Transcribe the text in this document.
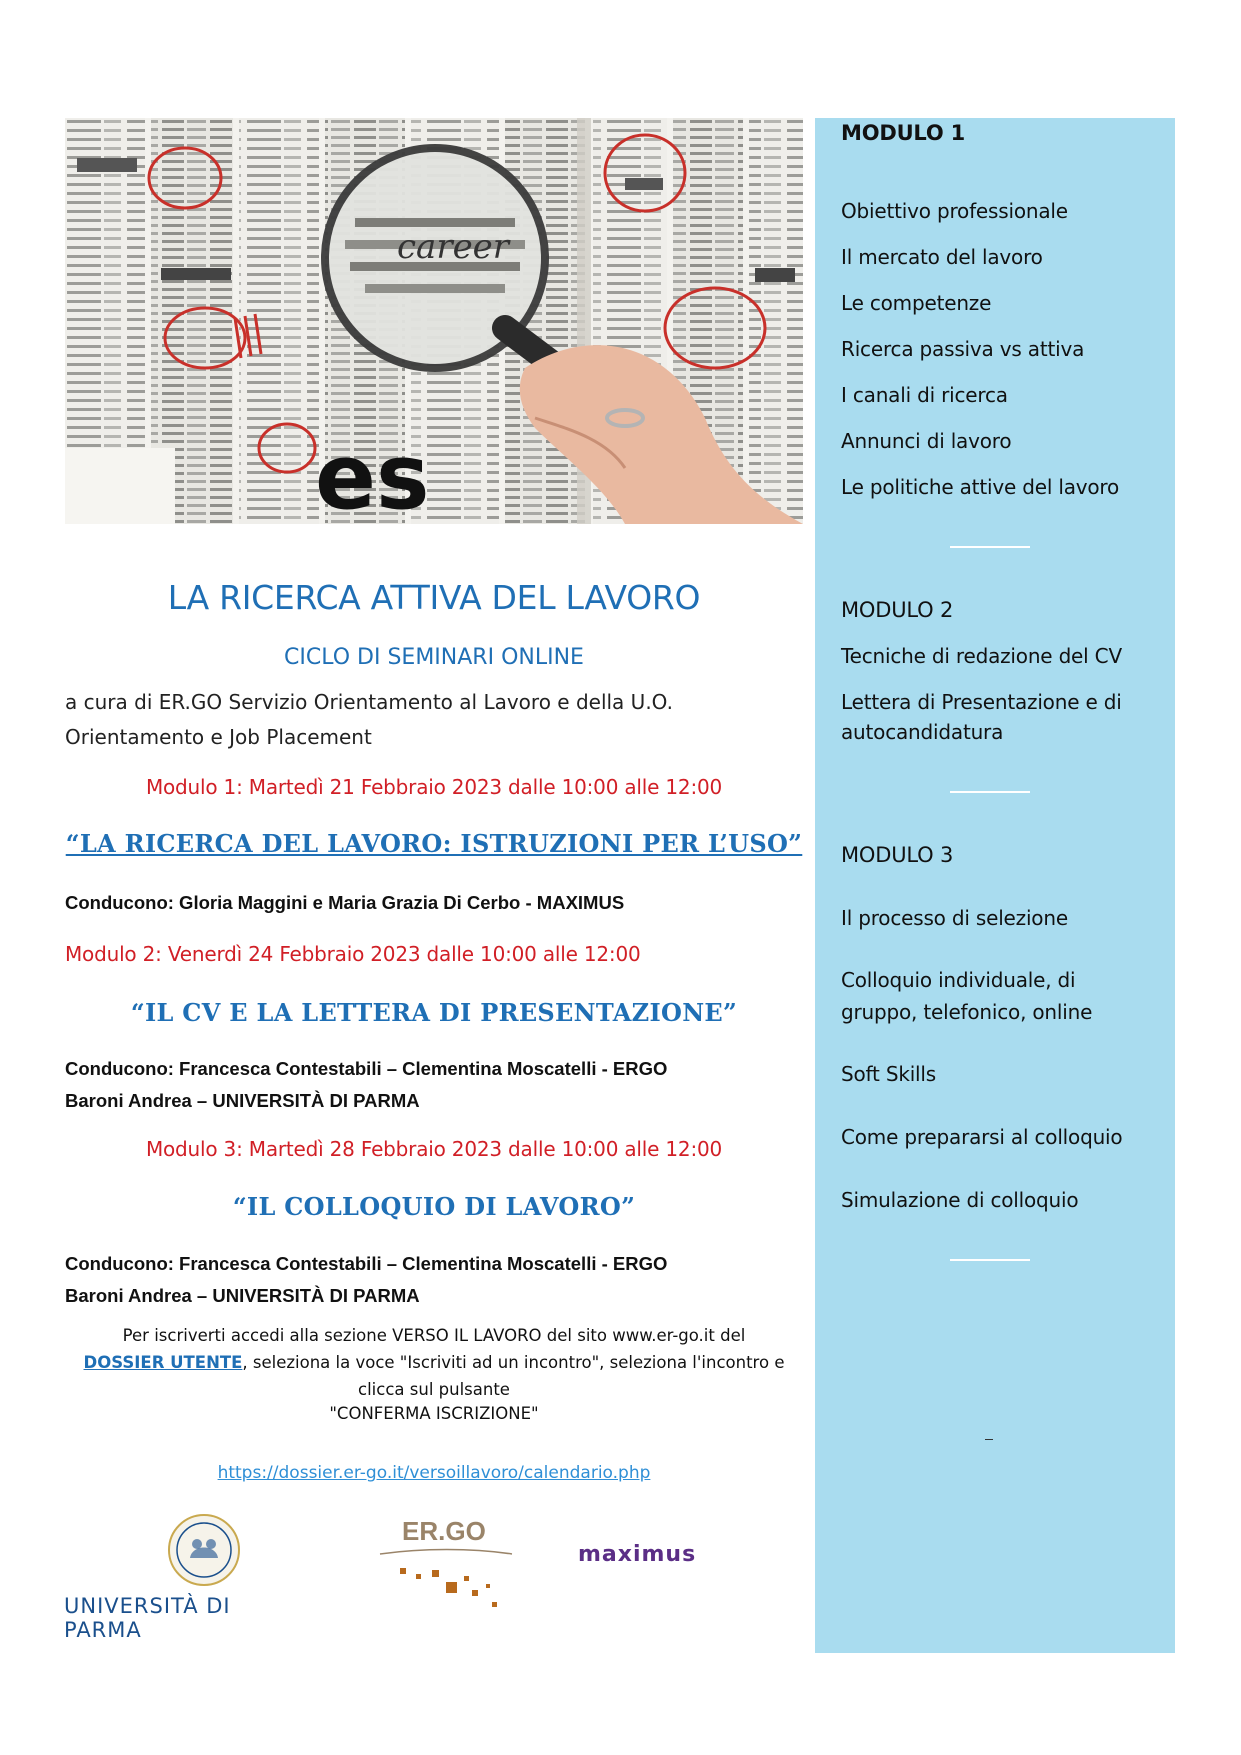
es
career
MODULO 1
Obiettivo professionale
Il mercato del lavoro
Le competenze
Ricerca passiva vs attiva
I canali di ricerca
Annunci di lavoro
Le politiche attive del lavoro
MODULO 2
Tecniche di redazione del CV
Lettera di Presentazione e di
autocandidatura
MODULO 3
Il processo di selezione
Colloquio individuale, di
gruppo, telefonico, online
Soft Skills
Come prepararsi al colloquio
Simulazione di colloquio
LA RICERCA ATTIVA DEL LAVORO
CICLO DI SEMINARI ONLINE
a cura di ER.GO Servizio Orientamento al Lavoro e della U.O.
Orientamento e Job Placement
Modulo 1: Martedì 21 Febbraio 2023 dalle 10:00 alle 12:00
“LA RICERCA DEL LAVORO: ISTRUZIONI PER L’USO”
Conducono: Gloria Maggini e Maria Grazia Di Cerbo - MAXIMUS
Modulo 2: Venerdì 24 Febbraio 2023 dalle 10:00 alle 12:00
“IL CV E LA LETTERA DI PRESENTAZIONE”
Conducono: Francesca Contestabili – Clementina Moscatelli - ERGO
Baroni Andrea – UNIVERSITÀ DI PARMA
Modulo 3: Martedì 28 Febbraio 2023 dalle 10:00 alle 12:00
“IL COLLOQUIO DI LAVORO”
Conducono: Francesca Contestabili – Clementina Moscatelli - ERGO
Baroni Andrea – UNIVERSITÀ DI PARMA
Per iscriverti accedi alla sezione VERSO IL LAVORO del sito www.er-go.it del
DOSSIER UTENTE, seleziona la voce "Iscriviti ad un incontro", seleziona l'incontro e
clicca sul pulsante
"CONFERMA ISCRIZIONE"
https://dossier.er-go.it/versoillavoro/calendario.php
UNIVERSITÀ DI PARMA
ER.GO
maximus
